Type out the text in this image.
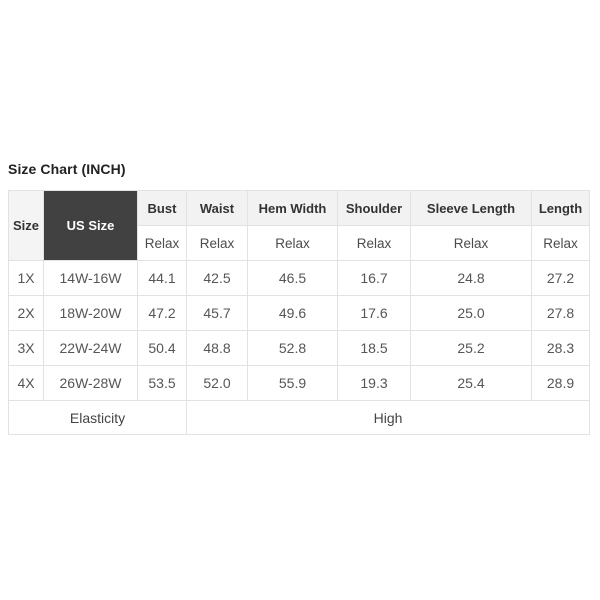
Size Chart (INCH)
Size	US Size	Bust	Waist	Hem Width	Shoulder	Sleeve Length	Length
		Relax	Relax	Relax	Relax	Relax	Relax
1X	14W-16W	44.1	42.5	46.5	16.7	24.8	27.2
2X	18W-20W	47.2	45.7	49.6	17.6	25.0	27.8
3X	22W-24W	50.4	48.8	52.8	18.5	25.2	28.3
4X	26W-28W	53.5	52.0	55.9	19.3	25.4	28.9
Elasticity			High				
